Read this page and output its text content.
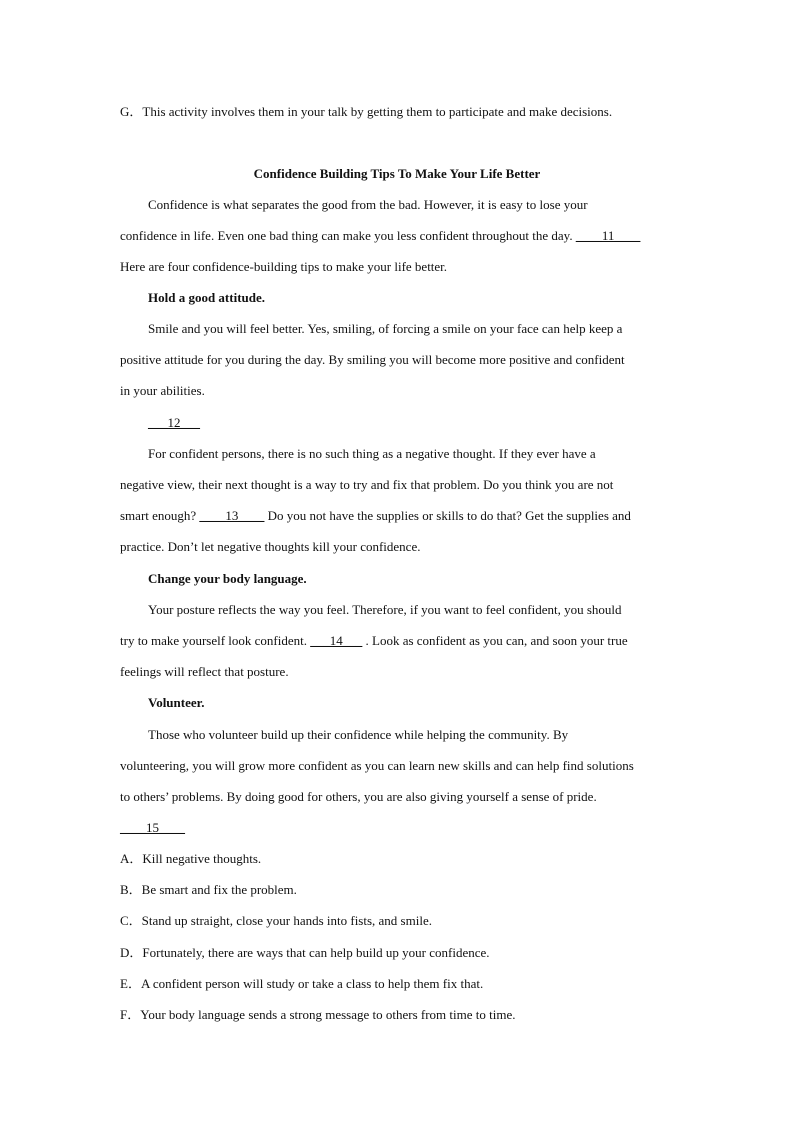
G．This activity involves them in your talk by getting them to participate and make decisions.
Confidence Building Tips To Make Your Life Better
Confidence is what separates the good from the bad. However, it is easy to lose your
confidence in life. Even one bad thing can make you less confident throughout the day. ____11____
Here are four confidence-building tips to make your life better.
Hold a good attitude.
Smile and you will feel better. Yes, smiling, of forcing a smile on your face can help keep a
positive attitude for you during the day. By smiling you will become more positive and confident
in your abilities.
___12___
For confident persons, there is no such thing as a negative thought. If they ever have a
negative view, their next thought is a way to try and fix that problem. Do you think you are not
smart enough? ____13____ Do you not have the supplies or skills to do that? Get the supplies and
practice. Don’t let negative thoughts kill your confidence.
Change your body language.
Your posture reflects the way you feel. Therefore, if you want to feel confident, you should
try to make yourself look confident. ___14___ . Look as confident as you can, and soon your true
feelings will reflect that posture.
Volunteer.
Those who volunteer build up their confidence while helping the community. By
volunteering, you will grow more confident as you can learn new skills and can help find solutions
to others’ problems. By doing good for others, you are also giving yourself a sense of pride.
____15____
A．Kill negative thoughts.
B．Be smart and fix the problem.
C．Stand up straight, close your hands into fists, and smile.
D．Fortunately, there are ways that can help build up your confidence.
E．A confident person will study or take a class to help them fix that.
F．Your body language sends a strong message to others from time to time.
